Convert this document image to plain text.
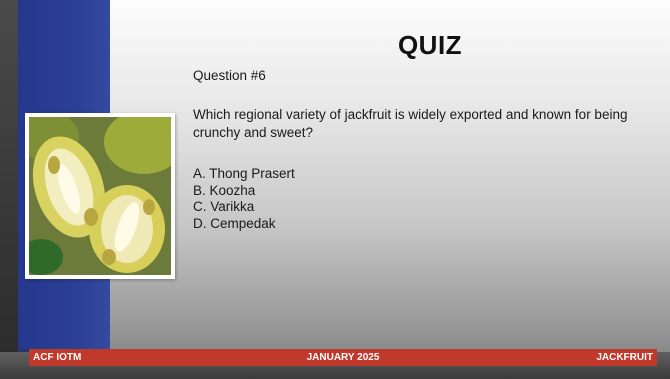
QUIZ
Question #6
Which regional variety of jackfruit is widely exported and known for being crunchy and sweet?
A. Thong Prasert
B. Koozha
C. Varikka
D. Cempedak
ACF IOTM	JANUARY 2025	JACKFRUIT
